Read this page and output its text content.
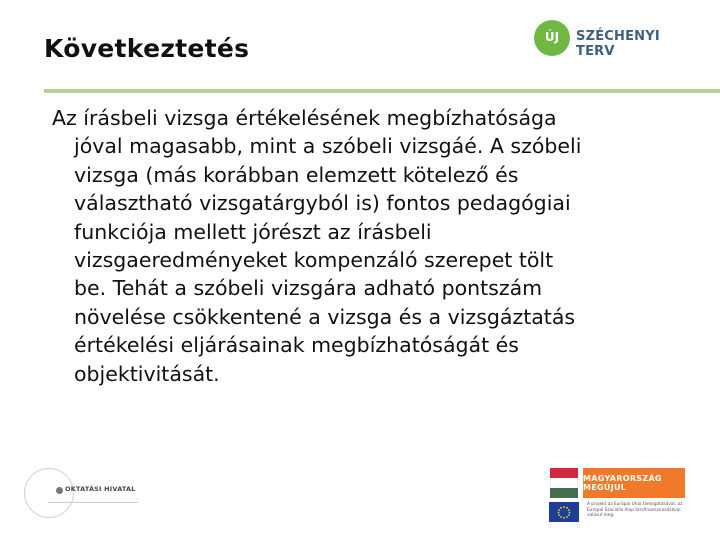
Következtetés	ÚJ	SZÉCHENYI TERV
Az írásbeli vizsga értékelésének megbízhatósága
jóval magasabb, mint a szóbeli vizsgáé. A szóbeli
vizsga (más korábban elemzett kötelező és
választható vizsgatárgyból is) fontos pedagógiai
funkciója mellett jórészt az írásbeli
vizsgaeredményeket kompenzáló szerepet tölt
be. Tehát a szóbeli vizsgára adható pontszám
növelése csökkentené a vizsga és a vizsgáztatás
értékelési eljárásainak megbízhatóságát és
objektivitását.
OKTATÁSI HIVATAL
MAGYARORSZÁG MEGÚJUL
A projekt az Európai Unió támogatásával, az Európai Szociális Alap társfinanszírozásával valósul meg.
